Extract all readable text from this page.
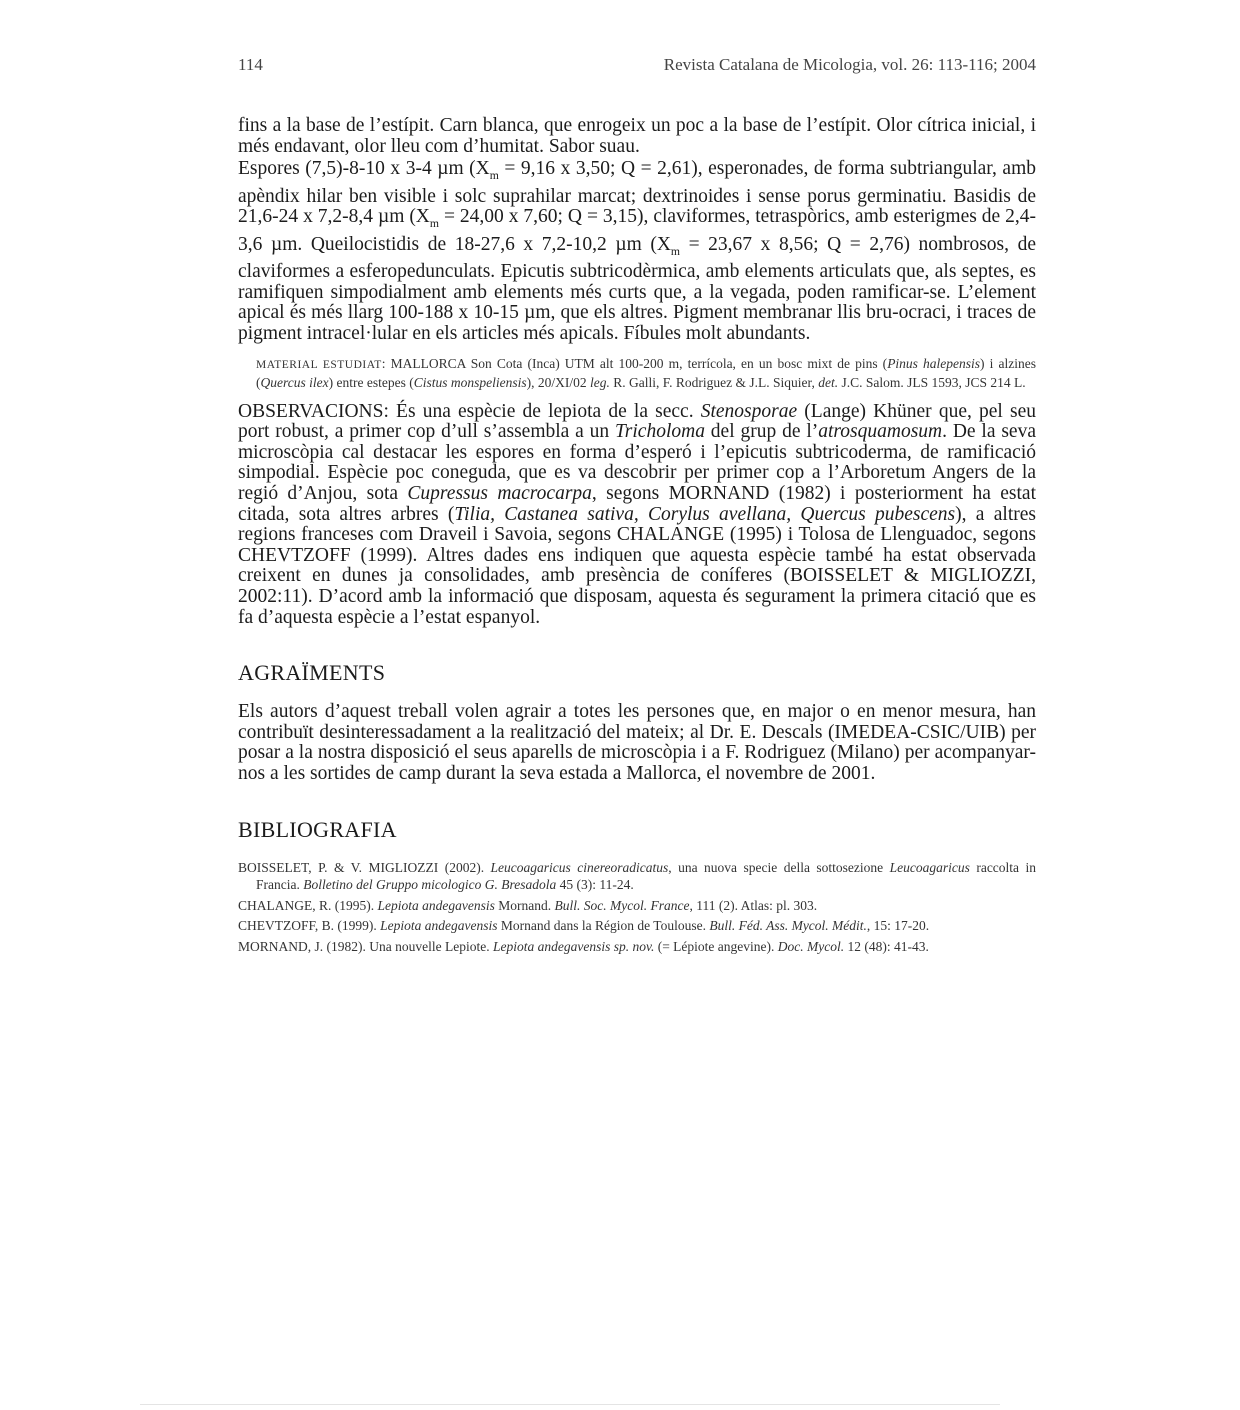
114	Revista Catalana de Micologia, vol. 26: 113-116; 2004

fins a la base de l’estípit. Carn blanca, que enrogeix un poc a la base de l’estípit. Olor cítrica inicial, i més endavant, olor lleu com d’humitat. Sabor suau.

Espores (7,5)-8-10 x 3-4 µm ($X_m = 9,16$ x 3,50; Q = 2,61), esperonades, de forma subtriangular, amb apèndix hilar ben visible i solc suprahilar marcat; dextrinoides i sense porus germinatiu. Basidis de 21,6-24 x 7,2-8,4 µm ($X_m = 24,00$ x 7,60; Q = 3,15), claviformes, tetraspòrics, amb esterigmes de 2,4-3,6 µm. Queilocistidis de 18-27,6 x 7,2-10,2 µm ($X_m = 23,67$ x 8,56; Q = 2,76) nombrosos, de claviformes a esferopedunculats. Epicutis subtricodèrmica, amb elements articulats que, als septes, es ramifiquen simpodialment amb elements més curts que, a la vegada, poden ramificar-se. L’element apical és més llarg 100-188 x 10-15 µm, que els altres. Pigment membranar llis bru-ocraci, i traces de pigment intracel·lular en els articles més apicals. Fíbules molt abundants.

MATERIAL ESTUDIAT: MALLORCA Son Cota (Inca) UTM alt 100-200 m, terrícola, en un bosc mixt de pins (Pinus halepensis) i alzines (Quercus ilex) entre estepes (Cistus monspeliensis), 20/XI/02 leg. R. Galli, F. Rodriguez & J.L. Siquier, det. J.C. Salom. JLS 1593, JCS 214 L.

OBSERVACIONS: És una espècie de lepiota de la secc. Stenosporae (Lange) Khüner que, pel seu port robust, a primer cop d’ull s’assembla a un Tricholoma del grup de l’atrosquamosum. De la seva microscòpia cal destacar les espores en forma d’esperó i l’epicutis subtricoderma, de ramificació simpodial. Espècie poc coneguda, que es va descobrir per primer cop a l’Arboretum Angers de la regió d’Anjou, sota Cupressus macrocarpa, segons MORNAND (1982) i posteriorment ha estat citada, sota altres arbres (Tilia, Castanea sativa, Corylus avellana, Quercus pubescens), a altres regions franceses com Draveil i Savoia, segons CHALANGE (1995) i Tolosa de Llenguadoc, segons CHEVTZOFF (1999). Altres dades ens indiquen que aquesta espècie també ha estat observada creixent en dunes ja consolidades, amb presència de coníferes (BOISSELET & MIGLIOZZI, 2002:11). D’acord amb la informació que disposam, aquesta és segurament la primera citació que es fa d’aquesta espècie a l’estat espanyol.

AGRAÏMENTS

Els autors d’aquest treball volen agrair a totes les persones que, en major o en menor mesura, han contribuït desinteressadament a la realització del mateix; al Dr. E. Descals (IMEDEA-CSIC/UIB) per posar a la nostra disposició el seus aparells de microscòpia i a F. Rodriguez (Milano) per acompanyar-nos a les sortides de camp durant la seva estada a Mallorca, el novembre de 2001.

BIBLIOGRAFIA
BOISSELET, P. & V. MIGLIOZZI (2002). Leucoagaricus cinereoradicatus, una nuova specie della sottosezione Leucoagaricus raccolta in Francia. Bolletino del Gruppo micologico G. Bresadola 45 (3): 11-24.
CHALANGE, R. (1995). Lepiota andegavensis Mornand. Bull. Soc. Mycol. France, 111 (2). Atlas: pl. 303.
CHEVTZOFF, B. (1999). Lepiota andegavensis Mornand dans la Région de Toulouse. Bull. Féd. Ass. Mycol. Médit., 15: 17-20.
MORNAND, J. (1982). Una nouvelle Lepiote. Lepiota andegavensis sp. nov. (= Lépiote angevine). Doc. Mycol. 12 (48): 41-43.
